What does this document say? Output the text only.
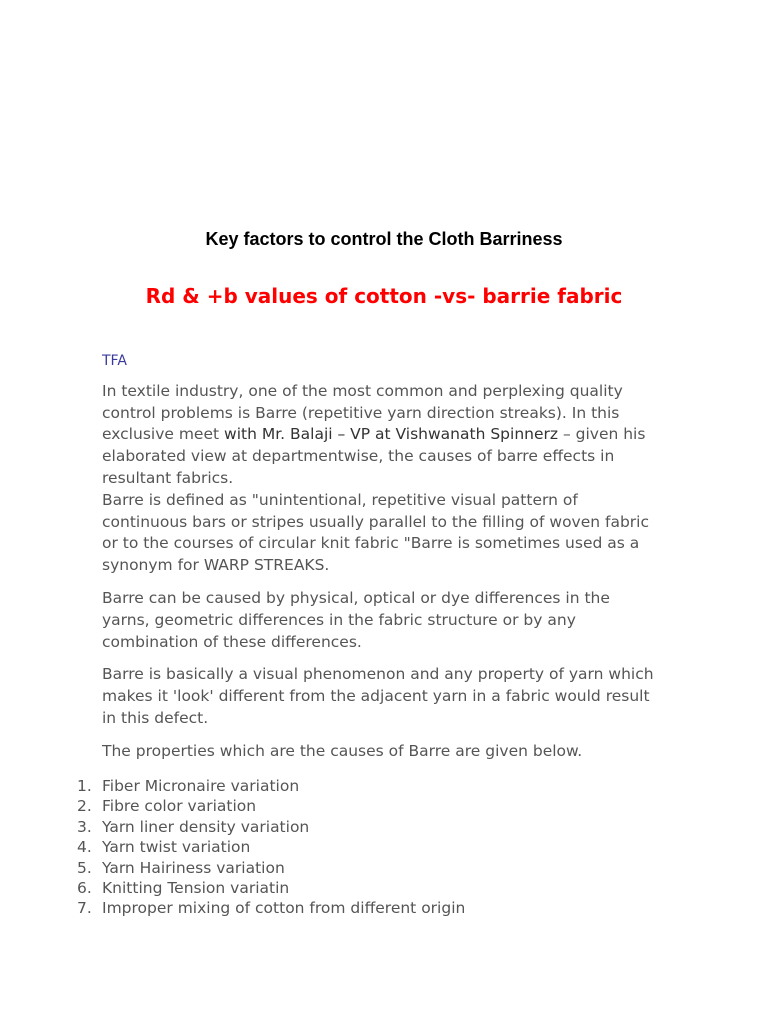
Key factors to control the Cloth Barriness
Rd & +b values of cotton -vs- barrie fabric
TFA

In textile industry, one of the most common and perplexing quality control problems is Barre (repetitive yarn direction streaks). In this exclusive meet with Mr. Balaji – VP at Vishwanath Spinnerz – given his elaborated view at departmentwise, the causes of barre effects in resultant fabrics.

Barre is defined as "unintentional, repetitive visual pattern of continuous bars or stripes usually parallel to the filling of woven fabric or to the courses of circular knit fabric "Barre is sometimes used as a synonym for WARP STREAKS.

Barre can be caused by physical, optical or dye differences in the yarns, geometric differences in the fabric structure or by any combination of these differences.

Barre is basically a visual phenomenon and any property of yarn which makes it 'look' different from the adjacent yarn in a fabric would result in this defect.

The properties which are the causes of Barre are given below.

1. Fiber Micronaire variation
2. Fibre color variation
3. Yarn liner density variation
4. Yarn twist variation
5. Yarn Hairiness variation
6. Knitting Tension variatin
7. Improper mixing of cotton from different origin
